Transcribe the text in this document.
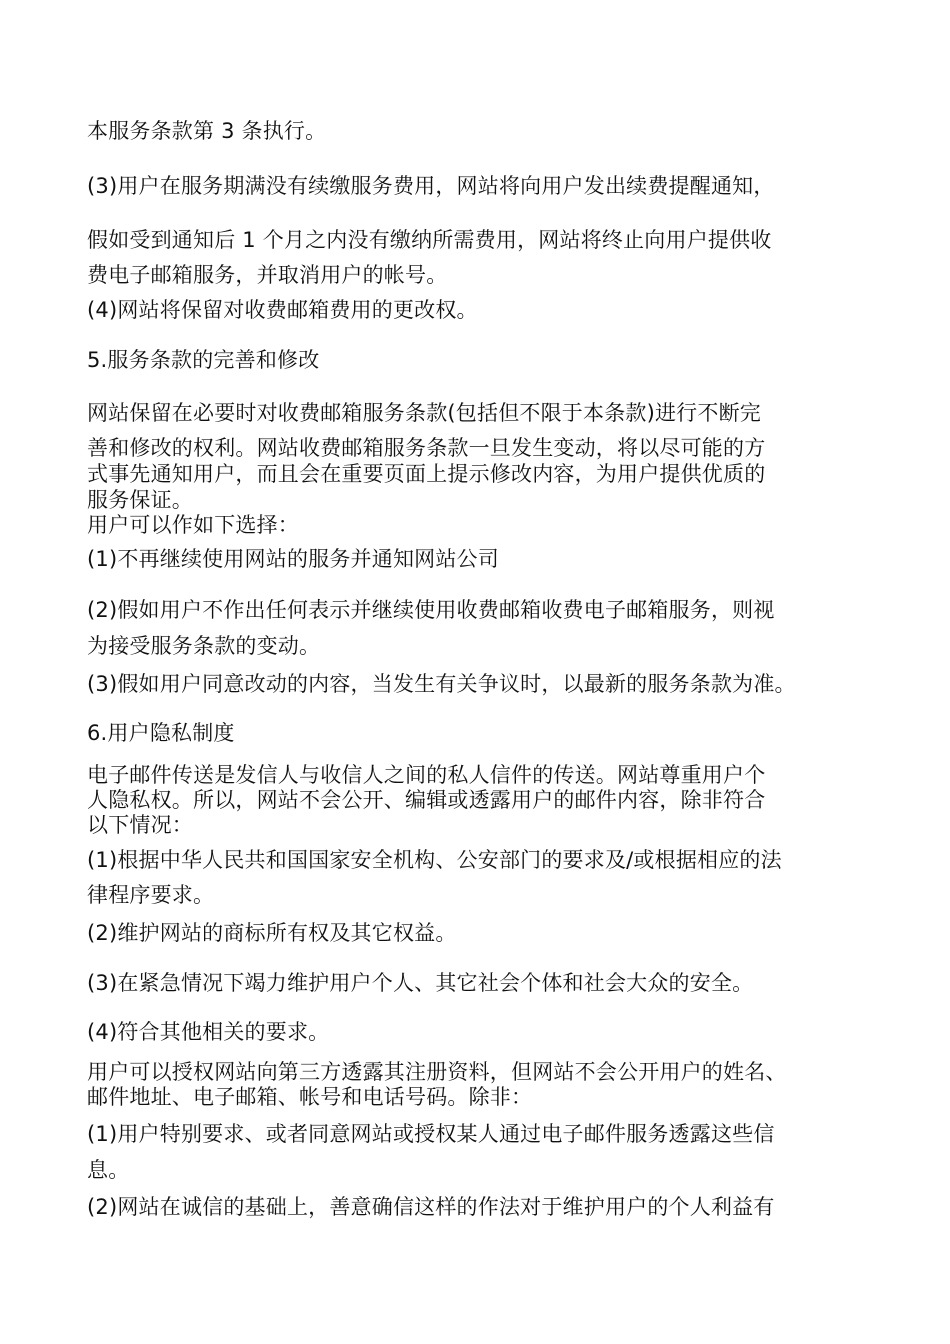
本服务条款第 3 条执行。
(3)用户在服务期满没有续缴服务费用，网站将向用户发出续费提醒通知，
假如受到通知后 1 个月之内没有缴纳所需费用，网站将终止向用户提供收
费电子邮箱服务，并取消用户的帐号。
(4)网站将保留对收费邮箱费用的更改权。
5.服务条款的完善和修改
网站保留在必要时对收费邮箱服务条款(包括但不限于本条款)进行不断完
善和修改的权利。网站收费邮箱服务条款一旦发生变动，将以尽可能的方
式事先通知用户，而且会在重要页面上提示修改内容，为用户提供优质的
服务保证。
用户可以作如下选择：
(1)不再继续使用网站的服务并通知网站公司
(2)假如用户不作出任何表示并继续使用收费邮箱收费电子邮箱服务，则视
为接受服务条款的变动。
(3)假如用户同意改动的内容，当发生有关争议时，以最新的服务条款为准。
6.用户隐私制度
电子邮件传送是发信人与收信人之间的私人信件的传送。网站尊重用户个
人隐私权。所以，网站不会公开、编辑或透露用户的邮件内容，除非符合
以下情况：
(1)根据中华人民共和国国家安全机构、公安部门的要求及/或根据相应的法
律程序要求。
(2)维护网站的商标所有权及其它权益。
(3)在紧急情况下竭力维护用户个人、其它社会个体和社会大众的安全。
(4)符合其他相关的要求。
用户可以授权网站向第三方透露其注册资料，但网站不会公开用户的姓名、
邮件地址、电子邮箱、帐号和电话号码。除非：
(1)用户特别要求、或者同意网站或授权某人通过电子邮件服务透露这些信
息。
(2)网站在诚信的基础上，善意确信这样的作法对于维护用户的个人利益有
